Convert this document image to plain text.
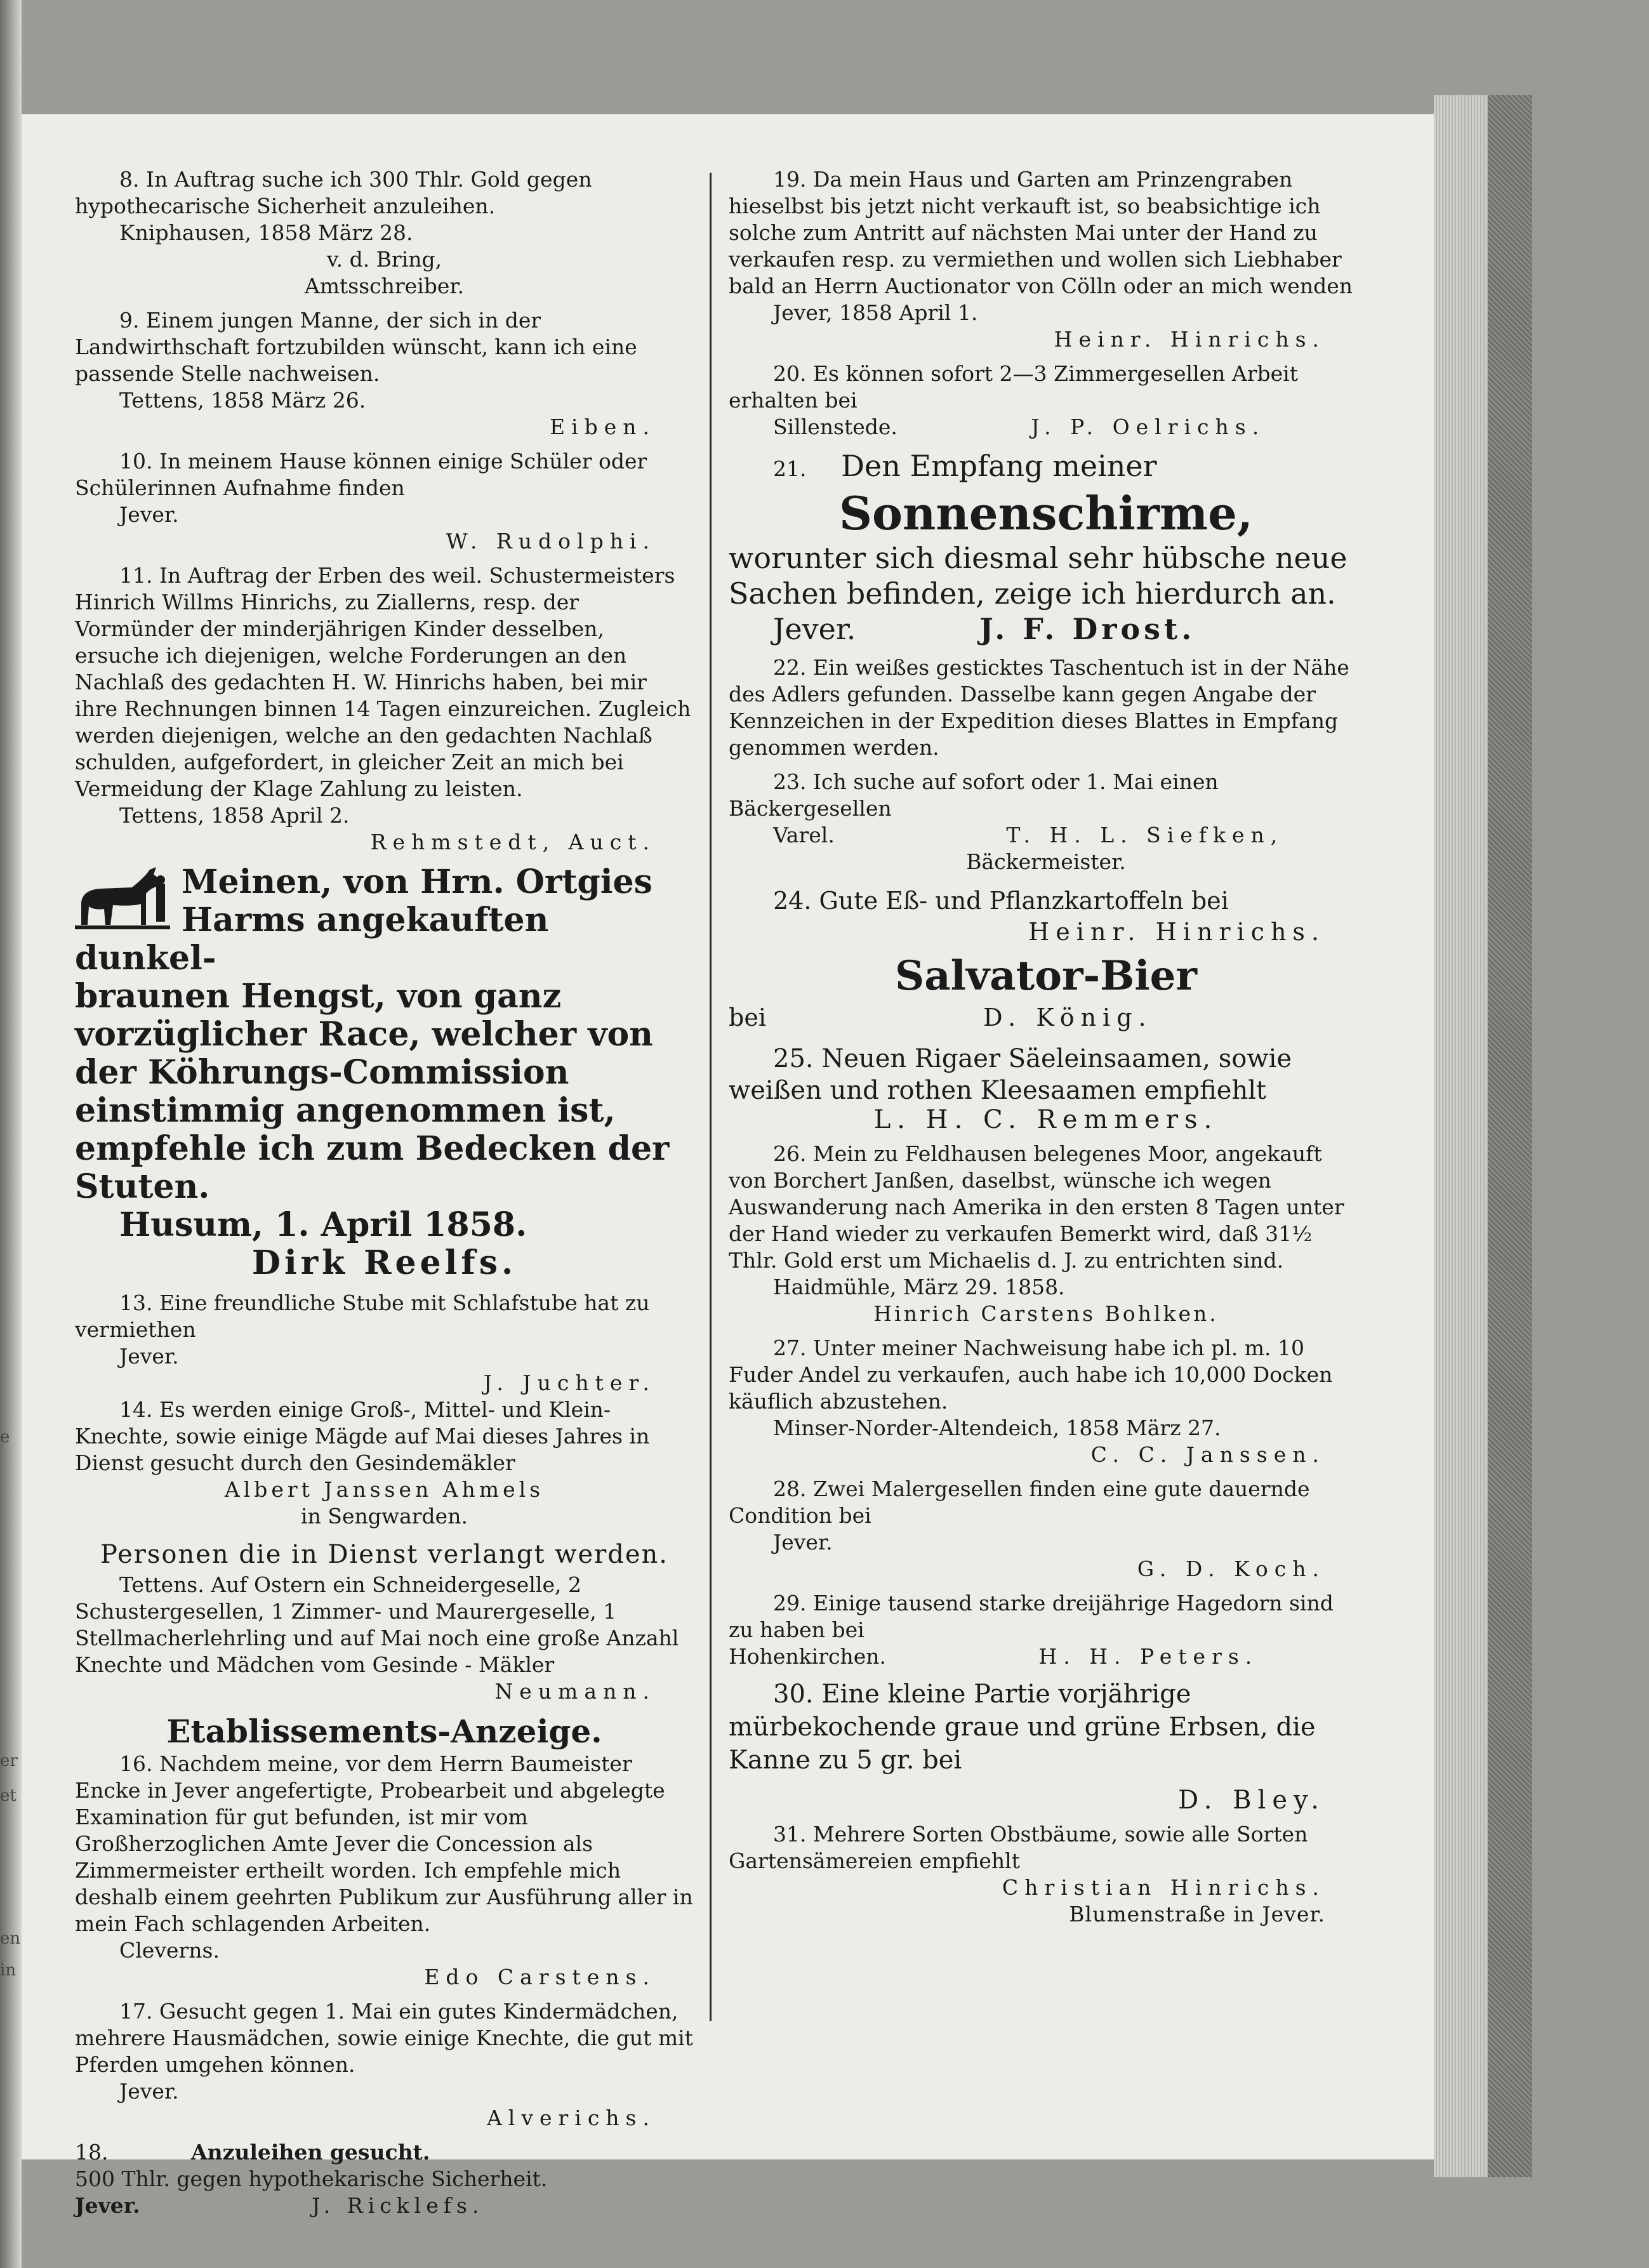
e
er
et
en
in

8. In Auftrag suche ich 300 Thlr. Gold gegen hypothecarische Sicherheit anzuleihen.

Kniphausen, 1858 März 28.

v. d. Bring,

Amtsschreiber.

9. Einem jungen Manne, der sich in der Landwirthschaft fortzubilden wünscht, kann ich eine passende Stelle nachweisen.

Tettens, 1858 März 26.

Eiben.

10. In meinem Hause können einige Schüler oder Schülerinnen Aufnahme finden

Jever.

W. Rudolphi.

11. In Auftrag der Erben des weil. Schustermeisters Hinrich Willms Hinrichs, zu Ziallerns, resp. der Vormünder der minderjährigen Kinder desselben, ersuche ich diejenigen, welche Forderungen an den Nachlaß des gedachten H. W. Hinrichs haben, bei mir ihre Rechnungen binnen 14 Tagen einzureichen. Zugleich werden diejenigen, welche an den gedachten Nachlaß schulden, aufgefordert, in gleicher Zeit an mich bei Vermeidung der Klage Zahlung zu leisten.

Tettens, 1858 April 2.

Rehmstedt, Auct.

Meinen, von Hrn. Ortgies

Harms angekauften dunkel-

braunen Hengst, von ganz vorzüglicher Race, welcher von der Köhrungs-Commission einstimmig angenommen ist, empfehle ich zum Bedecken der Stuten.

Husum, 1. April 1858.

Dirk Reelfs.

13. Eine freundliche Stube mit Schlafstube hat zu vermiethen

Jever.

J. Juchter.

14. Es werden einige Groß-, Mittel- und Klein-Knechte, sowie einige Mägde auf Mai dieses Jahres in Dienst gesucht durch den Gesindemäkler

Albert Janssen Ahmels

in Sengwarden.

Personen die in Dienst verlangt werden.

Tettens. Auf Ostern ein Schneidergeselle, 2 Schustergesellen, 1 Zimmer- und Maurergeselle, 1 Stellmacherlehrling und auf Mai noch eine große Anzahl Knechte und Mädchen vom Gesinde - Mäkler

Neumann.

Etablissements-Anzeige.

16. Nachdem meine, vor dem Herrn Baumeister Encke in Jever angefertigte, Probearbeit und abgelegte Examination für gut befunden, ist mir vom Großherzoglichen Amte Jever die Concession als Zimmermeister ertheilt worden. Ich empfehle mich deshalb einem geehrten Publikum zur Ausführung aller in mein Fach schlagenden Arbeiten.

Cleverns.

Edo Carstens.

17. Gesucht gegen 1. Mai ein gutes Kindermädchen, mehrere Hausmädchen, sowie einige Knechte, die gut mit Pferden umgehen können.

Jever.

Alverichs.

18.	Anzuleihen gesucht.

500 Thlr. gegen hypothekarische Sicherheit.

Jever.	J. Ricklefs.

19. Da mein Haus und Garten am Prinzengraben hieselbst bis jetzt nicht verkauft ist, so beabsichtige ich solche zum Antritt auf nächsten Mai unter der Hand zu verkaufen resp. zu vermiethen und wollen sich Liebhaber bald an Herrn Auctionator von Cölln oder an mich wenden

Jever, 1858 April 1.

Heinr. Hinrichs.

20. Es können sofort 2—3 Zimmergesellen Arbeit erhalten bei

Sillenstede.	J. P. Oelrichs.

21. Den Empfang meiner

Sonnenschirme,

worunter sich diesmal sehr hübsche neue Sachen befinden, zeige ich hierdurch an.

Jever.	J. F. Drost.

22. Ein weißes gesticktes Taschentuch ist in der Nähe des Adlers gefunden. Dasselbe kann gegen Angabe der Kennzeichen in der Expedition dieses Blattes in Empfang genommen werden.

23. Ich suche auf sofort oder 1. Mai einen Bäckergesellen

Varel.	T. H. L. Siefken,

Bäckermeister.

24. Gute Eß- und Pflanzkartoffeln bei

Heinr. Hinrichs.

Salvator-Bier

bei	D. König.

25. Neuen Rigaer Säeleinsaamen, sowie weißen und rothen Kleesaamen empfiehlt

L. H. C. Remmers.

26. Mein zu Feldhausen belegenes Moor, angekauft von Borchert Janßen, daselbst, wünsche ich wegen Auswanderung nach Amerika in den ersten 8 Tagen unter der Hand wieder zu verkaufen Bemerkt wird, daß 31½ Thlr. Gold erst um Michaelis d. J. zu entrichten sind.

Haidmühle, März 29. 1858.

Hinrich Carstens Bohlken.

27. Unter meiner Nachweisung habe ich pl. m. 10 Fuder Andel zu verkaufen, auch habe ich 10,000 Docken käuflich abzustehen.

Minser-Norder-Altendeich, 1858 März 27.

C. C. Janssen.

28. Zwei Malergesellen finden eine gute dauernde Condition bei

Jever.

G. D. Koch.

29. Einige tausend starke dreijährige Hagedorn sind zu haben bei

Hohenkirchen.	H. H. Peters.

30. Eine kleine Partie vorjährige mürbekochende graue und grüne Erbsen, die Kanne zu 5 gr. bei

D. Bley.

31. Mehrere Sorten Obstbäume, sowie alle Sorten Gartensämereien empfiehlt

Christian Hinrichs.

Blumenstraße in Jever.
